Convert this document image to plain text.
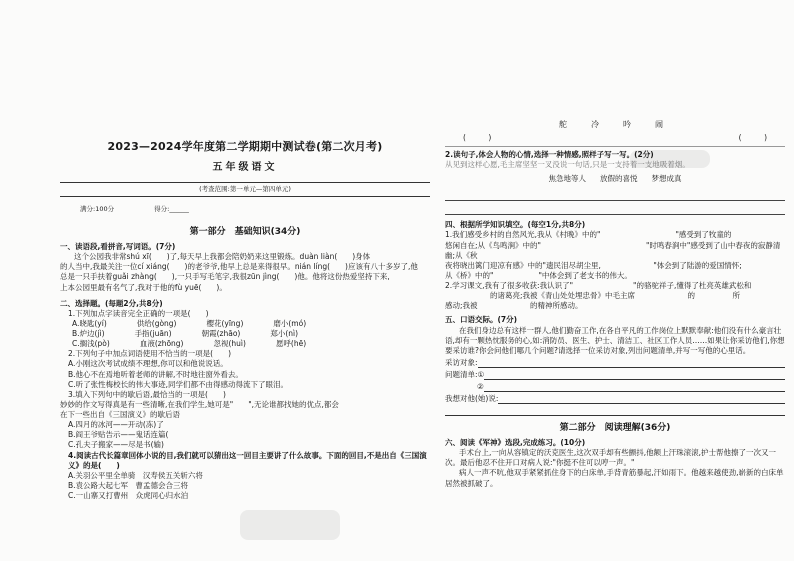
2023—2024学年度第二学期期中测试卷(第二次月考)
五年级语文
(考查范围:第一单元—第四单元)
满分:100分	得分:______
第一部分　基础知识(34分)
一、读语段,看拼音,写词语。(7分)
这个公园我非常shú xī(　　)了,每天早上我都会陪奶奶来这里锻炼。duàn liàn(　　)身体
的人当中,我最关注一位cí xiáng(　　)的老爷爷,他早上总是来得很早。nián líng(　　)应该有八十多岁了,他
总是一只手扶着guǎi zhàng(　　),一只手写毛笔字,我很zūn jìng(　　)他。他将这份热爱坚持下来,
上本公园里最有名气了,我对于他的fù yuē(　　)。
二、选择题。(每题2分,共8分)
1.下列加点字读音完全正确的一项是(　　)
A.晓匙(yí)	供给(gòng)	樱花(yīng)	磨小(mó)
B.炉边(jì)	手指(juān)	朝霞(zhāo)	郑小(nì)
C.搁浅(pò)	血液(zhōng)	忽视(huì)	愿呼(hē)
2.下列句子中加点词语使用不恰当的一项是(　　)
A.小刚这次考试成绩不理想,你可以和他说说话。
B.他心不在焉地听着老师的讲解,不时地往窗外看去。
C.听了张性梅校长的伟大事迹,同学们都不由得感动得流下了眼泪。
3.填入下列句中的歇后语,最恰当的一项是(　　)
妙妙的作文写得真是有一些清晰,在我们学生,她可是"　　",无论谁都找她的优点,都会
在下一些出自《三国演义》的歇后语
A.四月的冰河——开动(冻)了
B.阎王爷贴告示——鬼话连篇(
C.孔夫子搬家——尽是书(输)
4.阅读古代长篇章回体小说的目,我们就可以猜出这一回目主要讲了什么故事。下面的回目,不是出自《三国演义》的是(　　)
A.关羽公平里全单骑　汉寿侯五关斩六将
B.袁公路大起七军　曹孟德会合三将
C.一山寨又打曹州　众虎同心归水泊
舵　冷　吟　闹
(　　　)	(　　　)
2.读句子,体会人物的心情,选择一种情感,照样子写一写。(2分)
从见到这样心愿,毛主席坚坚一叉没说一句话,只是一支持着一支地吸着烟。
焦急地等人 放假的喜悦 梦想成真
四、根据所学知识填空。(每空1分,共8分)
1.我们感受乡村的自然风光,我从《村晚》中的"　　　　　　　　　　"感受到了牧童的
悠闲自在;从《鸟鸣涧》中的"　　　　　　　　　　　　　　"时鸣春涧中"感受到了山中春夜的寂静清幽;从《秋
夜将晓出篱门迎凉有感》中的"遗民泪尽胡尘里,　　　　　　　"体会到了陆游的爱国情怀;
从《桥》中的"　　　　　　"中体会到了老支书的伟大。
2.学习课文,我有了很多收获:我认识了"　　　　　　　　"的骆驼祥子,懂得了杜亮英雄武松和
　　　　　　的诸葛亮;我被《青山处处埋忠骨》中毛主席　　　　　　　的　　　　　所
感动;我被　　　　　　　的精神所感动。
五、口语交际。(7分)
在我们身边总有这样一群人,他们勤奋工作,在各自平凡的工作岗位上默默奉献:他们没有什么豪言壮语,却有一颗热忱服务的心,如:消防员、医生、护士、清洁工、社区工作人员……如果让你采访他们,你想要采访谁?你会问他们哪几个问题?请选择一位采访对象,列出问题清单,并写一写他的心里话。
采访对象:
问题清单:①
②
我想对他(她)说:
第二部分　阅读理解(36分)
六、阅读《军神》选段,完成练习。(10分)
手术台上,一向从容镇定的沃克医生,这次双手却有些颤抖,他额上汗珠滚滚,护士帮他擦了一次又一次。最后他忍不住开口对病人说:"你挺不住可以哼一声。"
病人一声不吭,他双手紧紧抓住身下的白床单,手背青筋暴起,汗如雨下。他越来越使劲,崭新的白床单居然被抓破了。
